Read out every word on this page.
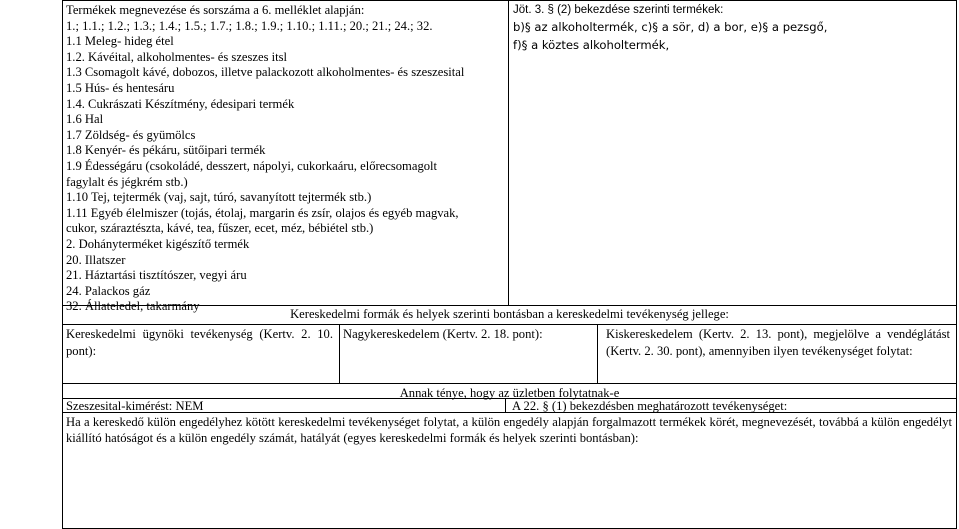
Termékek megnevezése és sorszáma a 6. melléklet alapján:
1.; 1.1.; 1.2.; 1.3.; 1.4.; 1.5.; 1.7.; 1.8.; 1.9.; 1.10.; 1.11.; 20.; 21.; 24.; 32.
1.1 Meleg- hideg étel
1.2. Kávéital, alkoholmentes- és szeszes itsl
1.3 Csomagolt kávé, dobozos, illetve palackozott alkoholmentes- és szeszesital
1.5 Hús- és hentesáru
1.4. Cukrászati Készítmény, édesipari termék
1.6 Hal
1.7 Zöldség- és gyümölcs
1.8 Kenyér- és pékáru, sütőipari termék
1.9 Édességáru (csokoládé, desszert, nápolyi, cukorkaáru, előrecsomagolt
fagylalt és jégkrém stb.)
1.10 Tej, tejtermék (vaj, sajt, túró, savanyított tejtermék stb.)
1.11 Egyéb élelmiszer (tojás, étolaj, margarin és zsír, olajos és egyéb magvak,
cukor, száraztészta, kávé, tea, fűszer, ecet, méz, bébiétel stb.)
2. Dohányterméket kigészítő termék
20. Illatszer
21. Háztartási tisztítószer, vegyi áru
24. Palackos gáz
32. Állateledel, takarmány
Jöt. 3. § (2) bekezdése szerinti termékek:
b)§ az alkoholtermék, c)§ a sör, d) a bor, e)§ a pezsgő,
f)§ a köztes alkoholtermék,
Kereskedelmi formák és helyek szerinti bontásban a kereskedelmi tevékenység jellege:
Kereskedelmi ügynöki tevékenység (Kertv. 2. 10. pont):
Nagykereskedelem (Kertv. 2. 18. pont):	Kiskereskedelem (Kertv. 2. 13. pont), megjelölve a vendéglátást (Kertv. 2. 30. pont), amennyiben ilyen tevékenységet folytat:
Annak ténye, hogy az üzletben folytatnak-e
Szeszesital-kimérést: NEM	A 22. § (1) bekezdésben meghatározott tevékenységet:
Ha a kereskedő külön engedélyhez kötött kereskedelmi tevékenységet folytat, a külön engedély alapján forgalmazott termékek körét, megnevezését, továbbá a külön engedélyt kiállító hatóságot és a külön engedély számát, hatályát (egyes kereskedelmi formák és helyek szerinti bontásban):
